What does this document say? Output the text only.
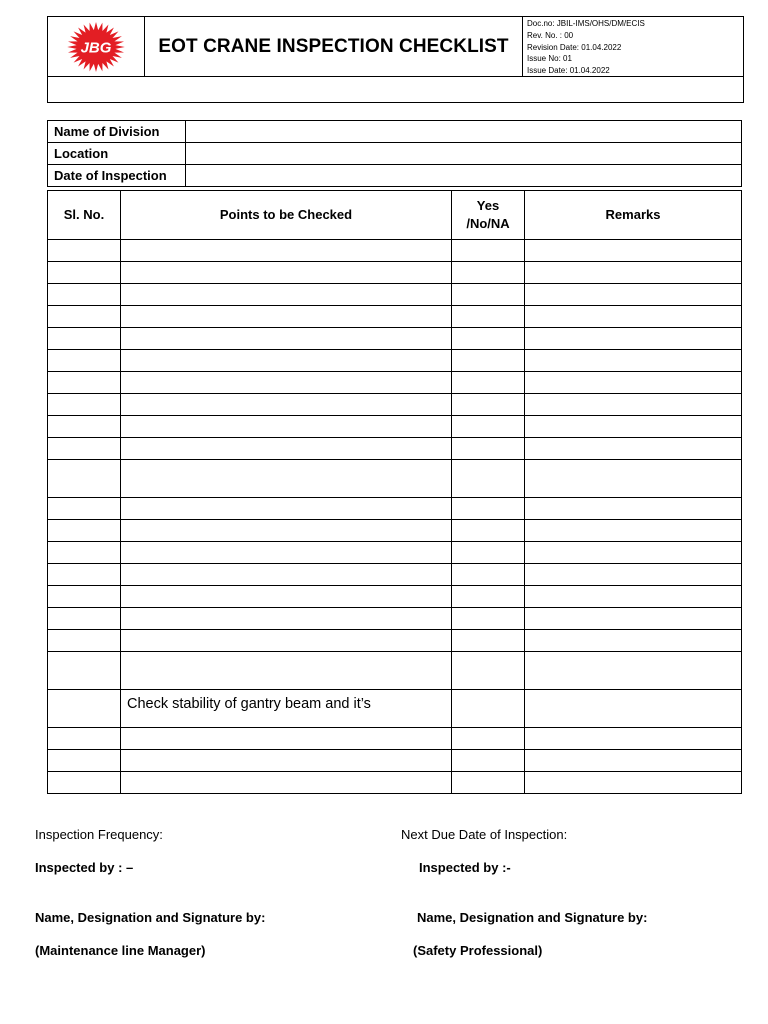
JBG	EOT CRANE INSPECTION CHECKLIST
Doc.no: JBIL-IMS/OHS/DM/ECIS
Rev. No. : 00
Revision Date: 01.04.2022
Issue No: 01
Issue Date: 01.04.2022
Name of Division	
Location	
Date of Inspection	
Sl. No.	Points to be Checked	Yes /No/NA	Remarks

	Check stability of gantry beam and it’s		

Inspection Frequency:	Next Due Date of Inspection:
Inspected by : –	Inspected by :-
Name, Designation and Signature by:	Name, Designation and Signature by:
(Maintenance line Manager)	(Safety Professional)
